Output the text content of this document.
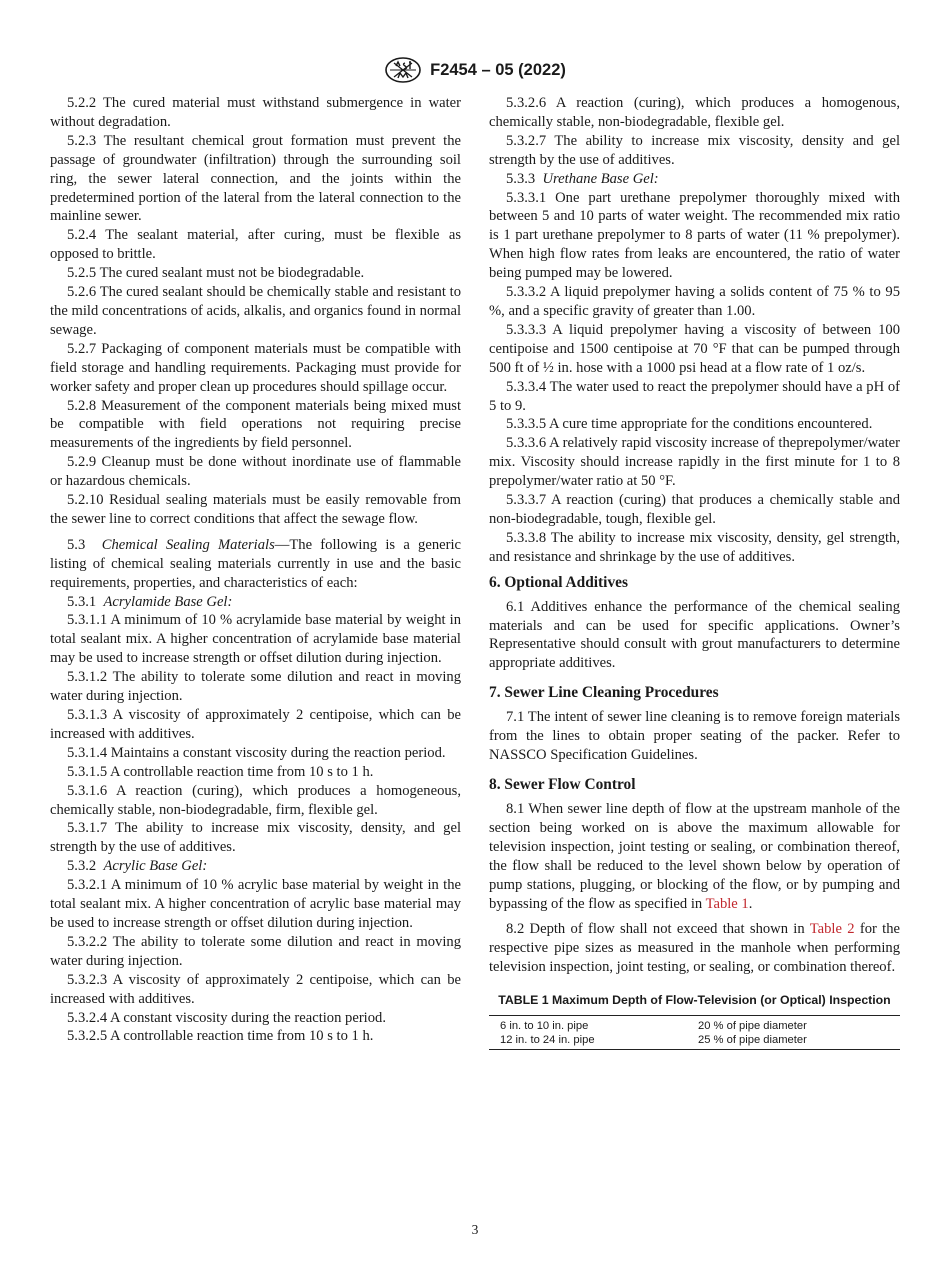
F2454 – 05 (2022)

5.2.2 The cured material must withstand submergence in water without degradation.

5.2.3 The resultant chemical grout formation must prevent the passage of groundwater (infiltration) through the surrounding soil ring, the sewer lateral connection, and the joints within the predetermined portion of the lateral from the lateral connection to the mainline sewer.

5.2.4 The sealant material, after curing, must be flexible as opposed to brittle.

5.2.5 The cured sealant must not be biodegradable.

5.2.6 The cured sealant should be chemically stable and resistant to the mild concentrations of acids, alkalis, and organics found in normal sewage.

5.2.7 Packaging of component materials must be compatible with field storage and handling requirements. Packaging must provide for worker safety and proper clean up procedures should spillage occur.

5.2.8 Measurement of the component materials being mixed must be compatible with field operations not requiring precise measurements of the ingredients by field personnel.

5.2.9 Cleanup must be done without inordinate use of flammable or hazardous chemicals.

5.2.10 Residual sealing materials must be easily removable from the sewer line to correct conditions that affect the sewage flow.

5.3 Chemical Sealing Materials—The following is a generic listing of chemical sealing materials currently in use and the basic requirements, properties, and characteristics of each:

5.3.1 Acrylamide Base Gel:

5.3.1.1 A minimum of 10 % acrylamide base material by weight in total sealant mix. A higher concentration of acrylamide base material may be used to increase strength or offset dilution during injection.

5.3.1.2 The ability to tolerate some dilution and react in moving water during injection.

5.3.1.3 A viscosity of approximately 2 centipoise, which can be increased with additives.

5.3.1.4 Maintains a constant viscosity during the reaction period.

5.3.1.5 A controllable reaction time from 10 s to 1 h.

5.3.1.6 A reaction (curing), which produces a homogeneous, chemically stable, non-biodegradable, firm, flexible gel.

5.3.1.7 The ability to increase mix viscosity, density, and gel strength by the use of additives.

5.3.2 Acrylic Base Gel:

5.3.2.1 A minimum of 10 % acrylic base material by weight in the total sealant mix. A higher concentration of acrylic base material may be used to increase strength or offset dilution during injection.

5.3.2.2 The ability to tolerate some dilution and react in moving water during injection.

5.3.2.3 A viscosity of approximately 2 centipoise, which can be increased with additives.

5.3.2.4 A constant viscosity during the reaction period.

5.3.2.5 A controllable reaction time from 10 s to 1 h.

5.3.2.6 A reaction (curing), which produces a homogenous, chemically stable, non-biodegradable, flexible gel.

5.3.2.7 The ability to increase mix viscosity, density and gel strength by the use of additives.

5.3.3 Urethane Base Gel:

5.3.3.1 One part urethane prepolymer thoroughly mixed with between 5 and 10 parts of water weight. The recommended mix ratio is 1 part urethane prepolymer to 8 parts of water (11 % prepolymer). When high flow rates from leaks are encountered, the ratio of water being pumped may be lowered.

5.3.3.2 A liquid prepolymer having a solids content of 75 % to 95 %, and a specific gravity of greater than 1.00.

5.3.3.3 A liquid prepolymer having a viscosity of between 100 centipoise and 1500 centipoise at 70 °F that can be pumped through 500 ft of ½ in. hose with a 1000 psi head at a flow rate of 1 oz/s.

5.3.3.4 The water used to react the prepolymer should have a pH of 5 to 9.

5.3.3.5 A cure time appropriate for the conditions encountered.

5.3.3.6 A relatively rapid viscosity increase of theprepolymer/water mix. Viscosity should increase rapidly in the first minute for 1 to 8 prepolymer/water ratio at 50 °F.

5.3.3.7 A reaction (curing) that produces a chemically stable and non-biodegradable, tough, flexible gel.

5.3.3.8 The ability to increase mix viscosity, density, gel strength, and resistance and shrinkage by the use of additives.

6. Optional Additives

6.1 Additives enhance the performance of the chemical sealing materials and can be used for specific applications. Owner’s Representative should consult with grout manufacturers to determine appropriate additives.

7. Sewer Line Cleaning Procedures

7.1 The intent of sewer line cleaning is to remove foreign materials from the lines to obtain proper seating of the packer. Refer to NASSCO Specification Guidelines.

8. Sewer Flow Control

8.1 When sewer line depth of flow at the upstream manhole of the section being worked on is above the maximum allowable for television inspection, joint testing or sealing, or combination thereof, the flow shall be reduced to the level shown below by operation of pump stations, plugging, or blocking of the flow, or by pumping and bypassing of the flow as specified in Table 1.

8.2 Depth of flow shall not exceed that shown in Table 2 for the respective pipe sizes as measured in the manhole when performing television inspection, joint testing, or sealing, or combination thereof.

TABLE 1 Maximum Depth of Flow-Television (or Optical) Inspection
6 in. to 10 in. pipe	20 % of pipe diameter
12 in. to 24 in. pipe	25 % of pipe diameter
3
